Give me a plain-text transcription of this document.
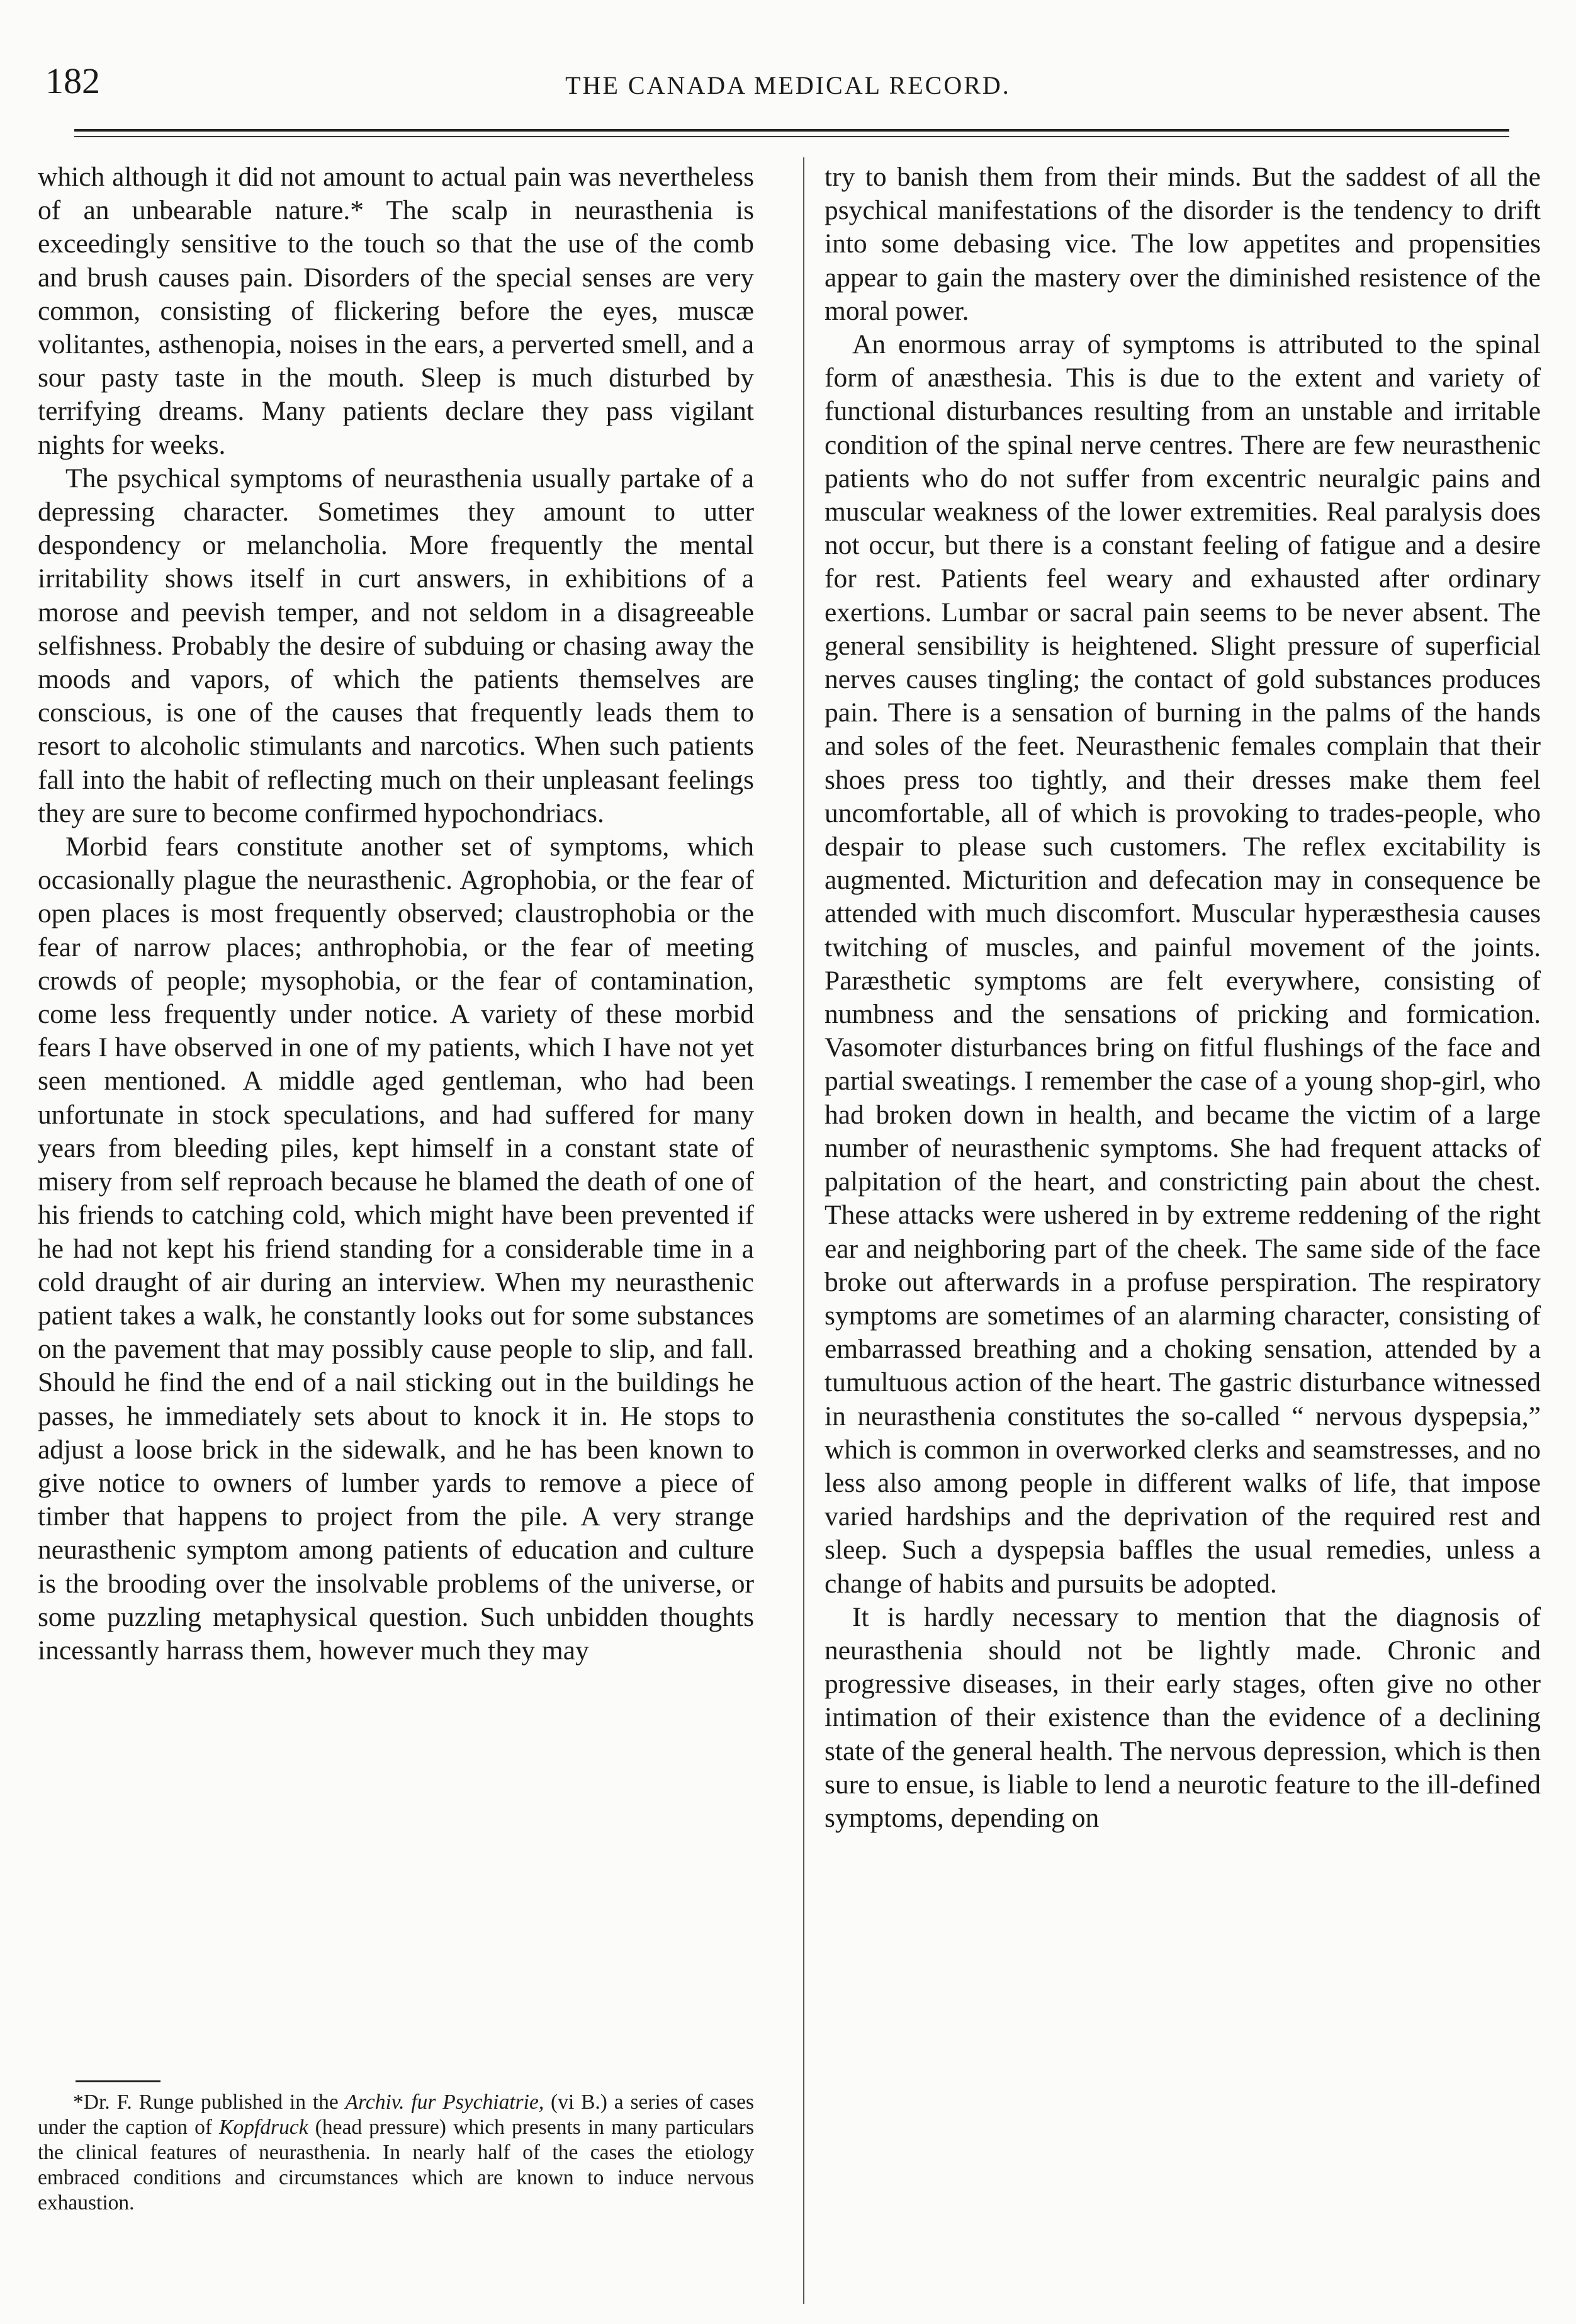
182	THE CANADA MEDICAL RECORD.

which although it did not amount to actual pain was nevertheless of an unbearable nature.* The scalp in neurasthenia is exceedingly sensitive to the touch so that the use of the comb and brush causes pain. Disorders of the special senses are very common, consisting of flickering before the eyes, muscæ volitantes, asthenopia, noises in the ears, a perverted smell, and a sour pasty taste in the mouth. Sleep is much disturbed by terrifying dreams. Many patients declare they pass vigilant nights for weeks.

The psychical symptoms of neurasthenia usually partake of a depressing character. Sometimes they amount to utter despondency or melancholia. More frequently the mental irritability shows itself in curt answers, in exhibitions of a morose and peevish temper, and not seldom in a disagreeable selfishness. Probably the desire of subduing or chasing away the moods and vapors, of which the patients themselves are conscious, is one of the causes that frequently leads them to resort to alcoholic stimulants and narcotics. When such patients fall into the habit of reflecting much on their unpleasant feelings they are sure to become confirmed hypochondriacs.

Morbid fears constitute another set of symptoms, which occasionally plague the neurasthenic. Agrophobia, or the fear of open places is most frequently observed; claustrophobia or the fear of narrow places; anthrophobia, or the fear of meeting crowds of people; mysophobia, or the fear of contamination, come less frequently under notice. A variety of these morbid fears I have observed in one of my patients, which I have not yet seen mentioned. A middle aged gentleman, who had been unfortunate in stock speculations, and had suffered for many years from bleeding piles, kept himself in a constant state of misery from self reproach because he blamed the death of one of his friends to catching cold, which might have been prevented if he had not kept his friend standing for a considerable time in a cold draught of air during an interview. When my neurasthenic patient takes a walk, he constantly looks out for some substances on the pavement that may possibly cause people to slip, and fall. Should he find the end of a nail sticking out in the buildings he passes, he immediately sets about to knock it in. He stops to adjust a loose brick in the sidewalk, and he has been known to give notice to owners of lumber yards to remove a piece of timber that happens to project from the pile. A very strange neurasthenic symptom among patients of education and culture is the brooding over the insolvable problems of the universe, or some puzzling metaphysical question. Such unbidden thoughts incessantly harrass them, however much they may

try to banish them from their minds. But the saddest of all the psychical manifestations of the disorder is the tendency to drift into some debasing vice. The low appetites and propensities appear to gain the mastery over the diminished resistence of the moral power.

An enormous array of symptoms is attributed to the spinal form of anæsthesia. This is due to the extent and variety of functional disturbances resulting from an unstable and irritable condition of the spinal nerve centres. There are few neurasthenic patients who do not suffer from excentric neuralgic pains and muscular weakness of the lower extremities. Real paralysis does not occur, but there is a constant feeling of fatigue and a desire for rest. Patients feel weary and exhausted after ordinary exertions. Lumbar or sacral pain seems to be never absent. The general sensibility is heightened. Slight pressure of superficial nerves causes tingling; the contact of gold substances produces pain. There is a sensation of burning in the palms of the hands and soles of the feet. Neurasthenic females complain that their shoes press too tightly, and their dresses make them feel uncomfortable, all of which is provoking to trades-people, who despair to please such customers. The reflex excitability is augmented. Micturition and defecation may in consequence be attended with much discomfort. Muscular hyperæsthesia causes twitching of muscles, and painful movement of the joints. Paræsthetic symptoms are felt everywhere, consisting of numbness and the sensations of pricking and formication. Vasomoter disturbances bring on fitful flushings of the face and partial sweatings. I remember the case of a young shop-girl, who had broken down in health, and became the victim of a large number of neurasthenic symptoms. She had frequent attacks of palpitation of the heart, and constricting pain about the chest. These attacks were ushered in by extreme reddening of the right ear and neighboring part of the cheek. The same side of the face broke out afterwards in a profuse perspiration. The respiratory symptoms are sometimes of an alarming character, consisting of embarrassed breathing and a choking sensation, attended by a tumultuous action of the heart. The gastric disturbance witnessed in neurasthenia constitutes the so-called “ nervous dyspepsia,” which is common in overworked clerks and seamstresses, and no less also among people in different walks of life, that impose varied hardships and the deprivation of the required rest and sleep. Such a dyspepsia baffles the usual remedies, unless a change of habits and pursuits be adopted.

It is hardly necessary to mention that the diagnosis of neurasthenia should not be lightly made. Chronic and progressive diseases, in their early stages, often give no other intimation of their existence than the evidence of a declining state of the general health. The nervous depression, which is then sure to ensue, is liable to lend a neurotic feature to the ill-defined symptoms, depending on

*Dr. F. Runge published in the Archiv. fur Psychiatrie, (vi B.) a series of cases under the caption of Kopfdruck (head pressure) which presents in many particulars the clinical features of neurasthenia. In nearly half of the cases the etiology embraced conditions and circumstances which are known to induce nervous exhaustion.
